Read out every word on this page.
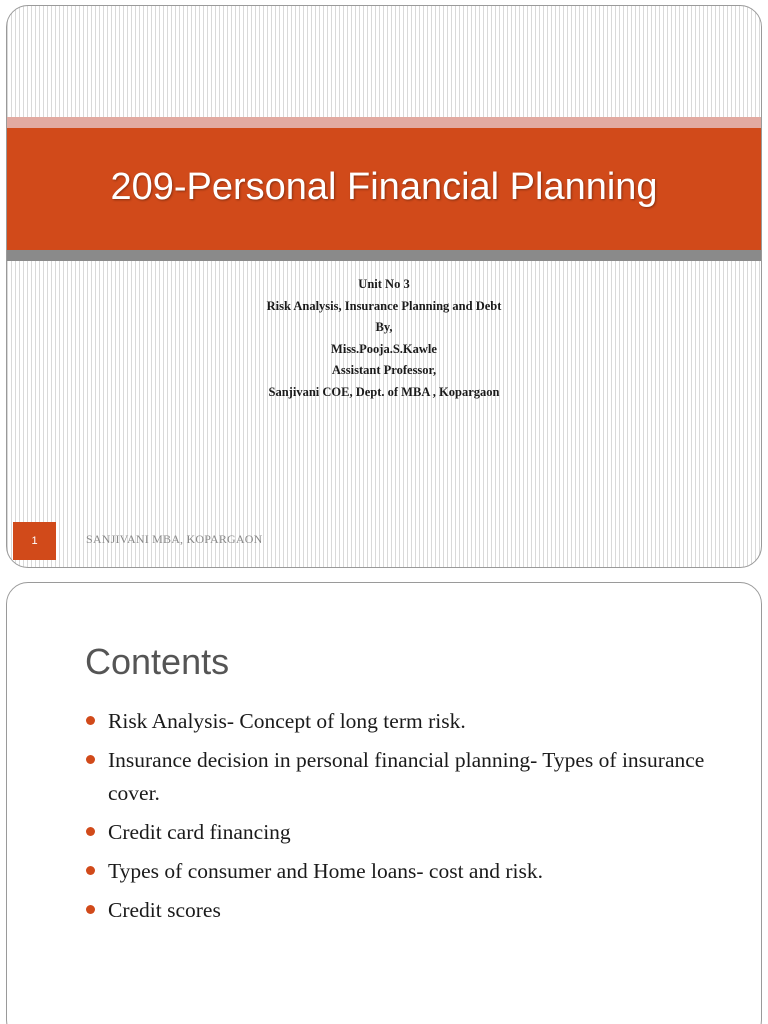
209-Personal Financial Planning
Unit No 3
Risk Analysis, Insurance Planning and Debt
By,
Miss.Pooja.S.Kawle
Assistant Professor,
Sanjivani COE, Dept. of MBA , Kopargaon
1	SANJIVANI MBA, KOPARGAON
Contents
Risk Analysis- Concept of long term risk.
Insurance decision in personal financial planning- Types of insurance cover.
Credit card financing
Types of consumer and Home loans- cost and risk.
Credit scores
